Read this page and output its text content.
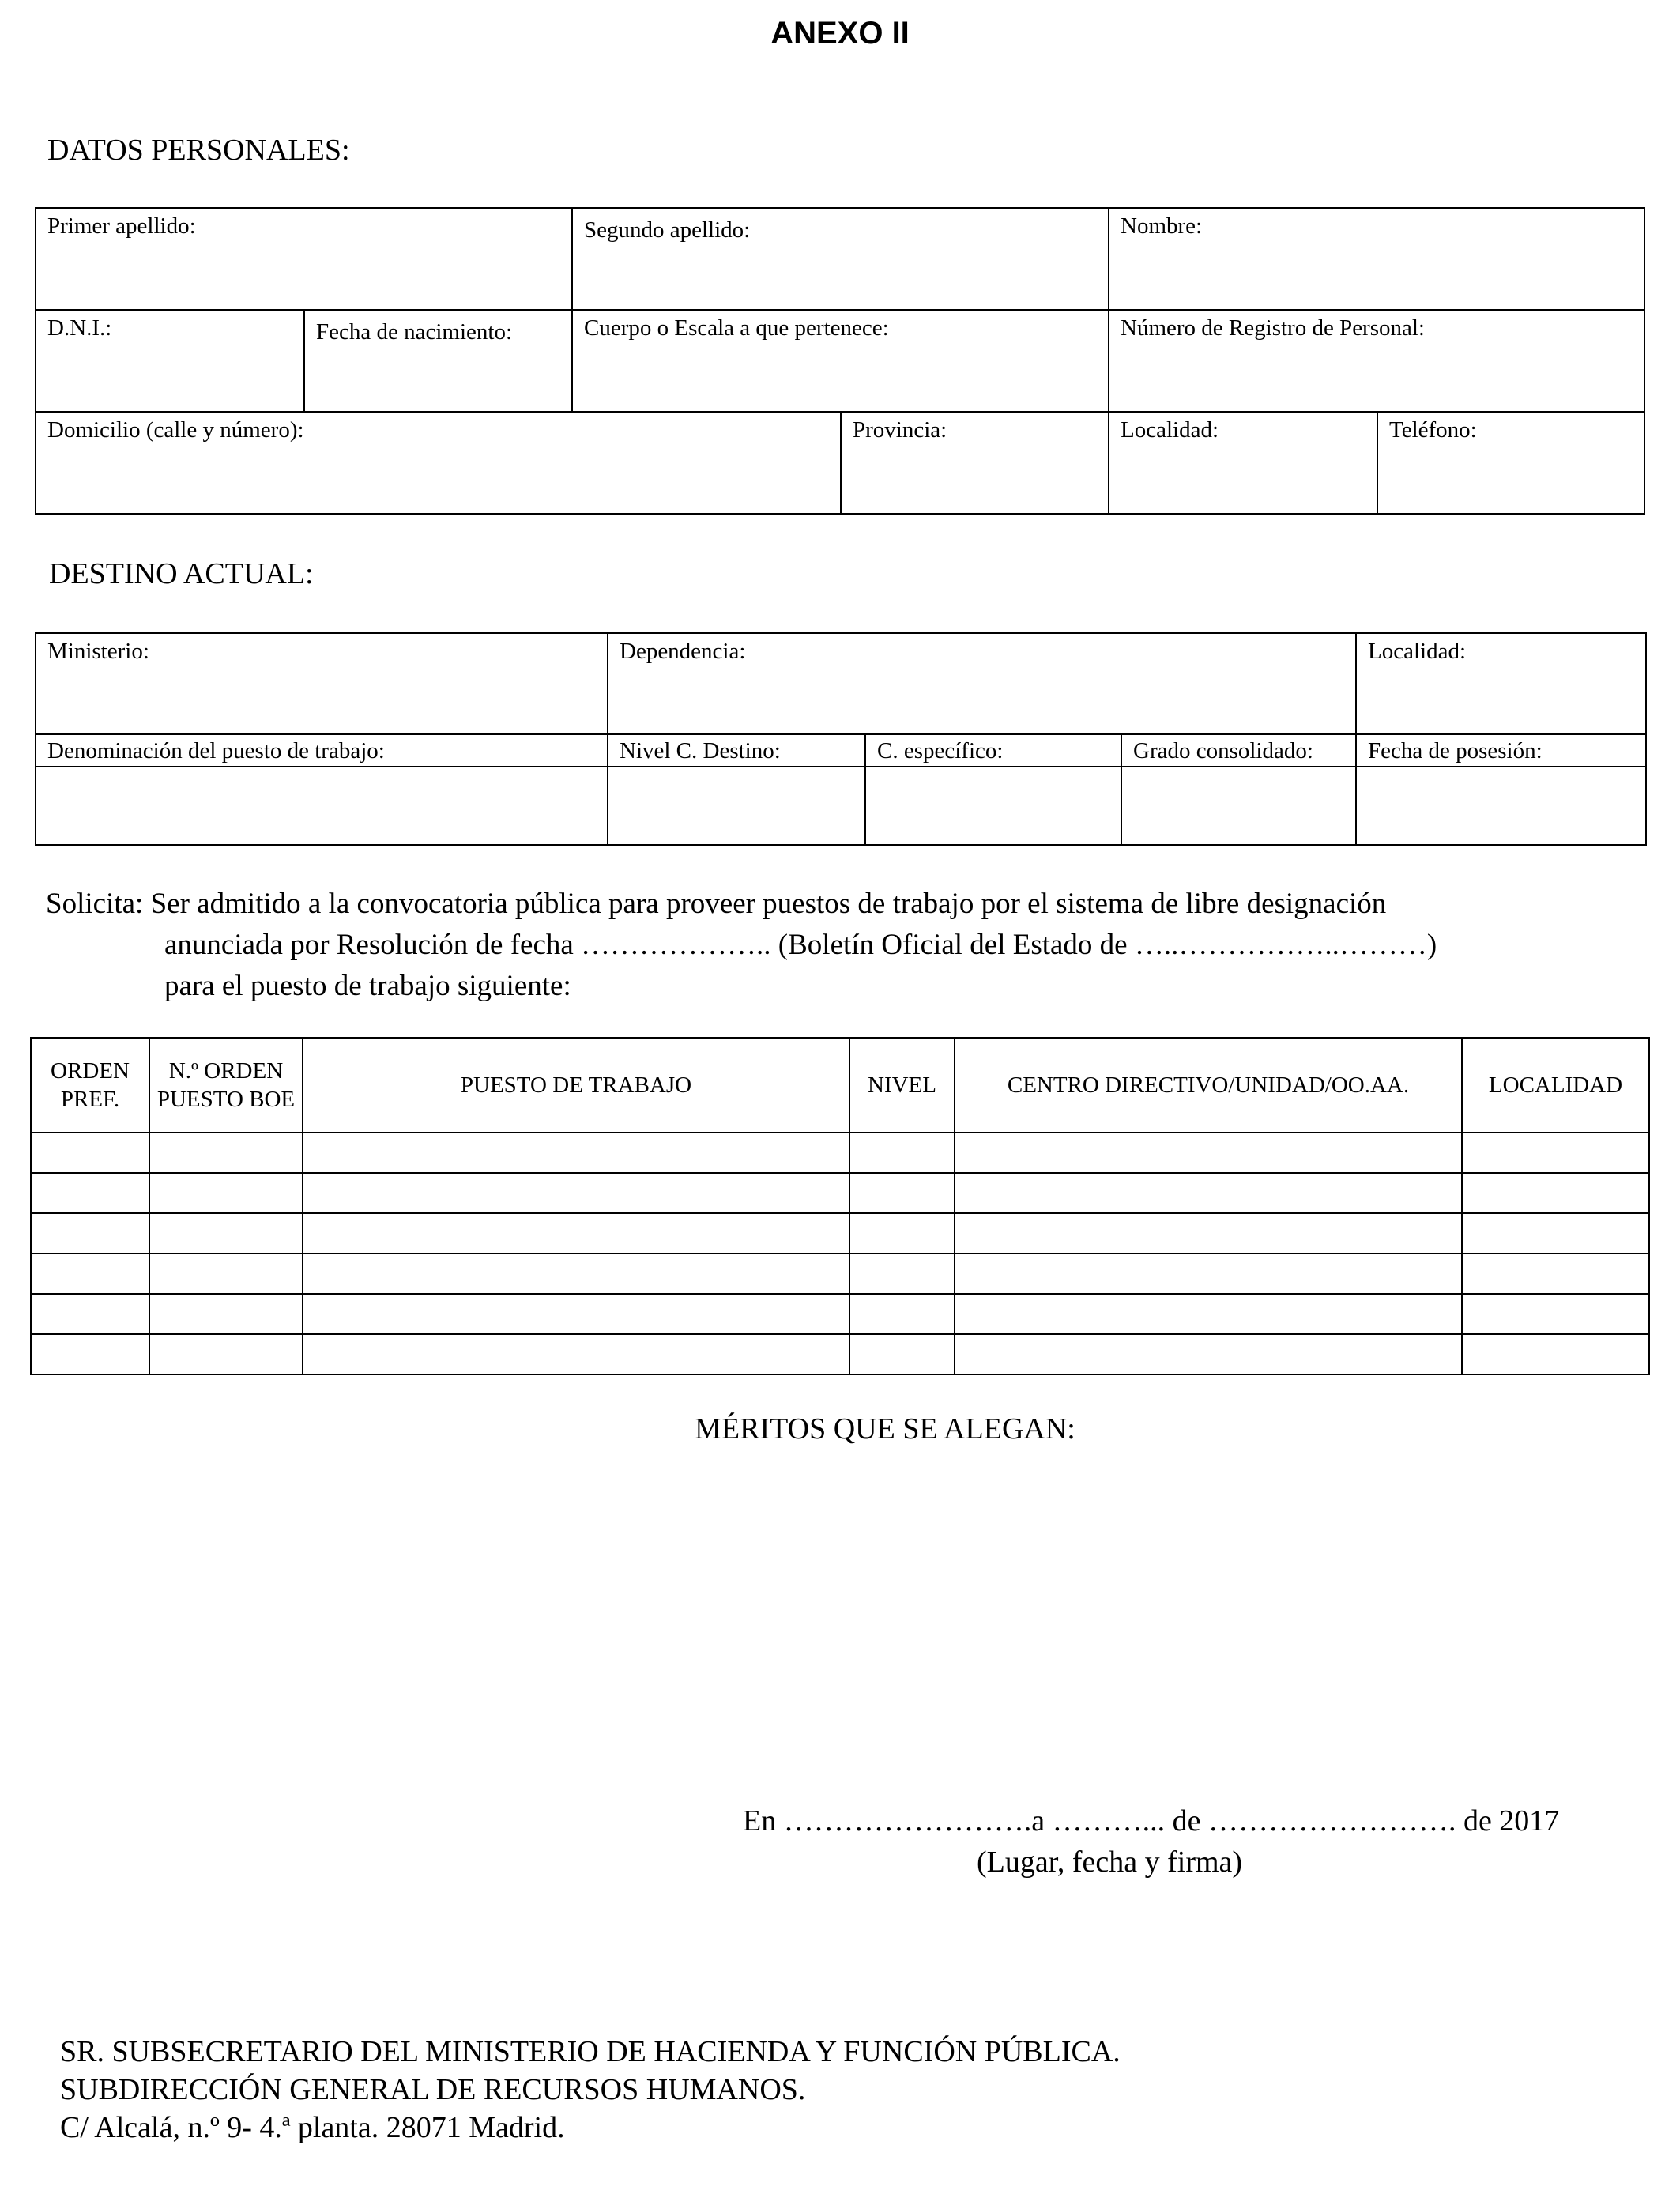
ANEXO II
DATOS PERSONALES:
Primer apellido:		Segundo apellido:		Nombre:	
D.N.I.:	Fecha de nacimiento:	Cuerpo o Escala a que pertenece:		Número de Registro de Personal:	
Domicilio (calle y número):			Provincia:	Localidad:	Teléfono:
DESTINO ACTUAL:
Ministerio:	Dependencia:			Localidad:
Denominación del puesto de trabajo:	Nivel C. Destino:	C. específico:	Grado consolidado:	Fecha de posesión:

Solicita: Ser admitido a la convocatoria pública para proveer puestos de trabajo por el sistema de libre designación
anunciada por Resolución de fecha ……………….. (Boletín Oficial del Estado de …..……………..………)
para el puesto de trabajo siguiente:
ORDEN PREF.	N.º ORDEN PUESTO BOE	PUESTO DE TRABAJO	NIVEL	CENTRO DIRECTIVO/UNIDAD/OO.AA.	LOCALIDAD

MÉRITOS QUE SE ALEGAN:
En …………………….a ………... de ……………………. de 2017
(Lugar, fecha y firma)
SR. SUBSECRETARIO DEL MINISTERIO DE HACIENDA Y FUNCIÓN PÚBLICA.
SUBDIRECCIÓN GENERAL DE RECURSOS HUMANOS.
C/ Alcalá, n.º 9- 4.ª planta. 28071 Madrid.
